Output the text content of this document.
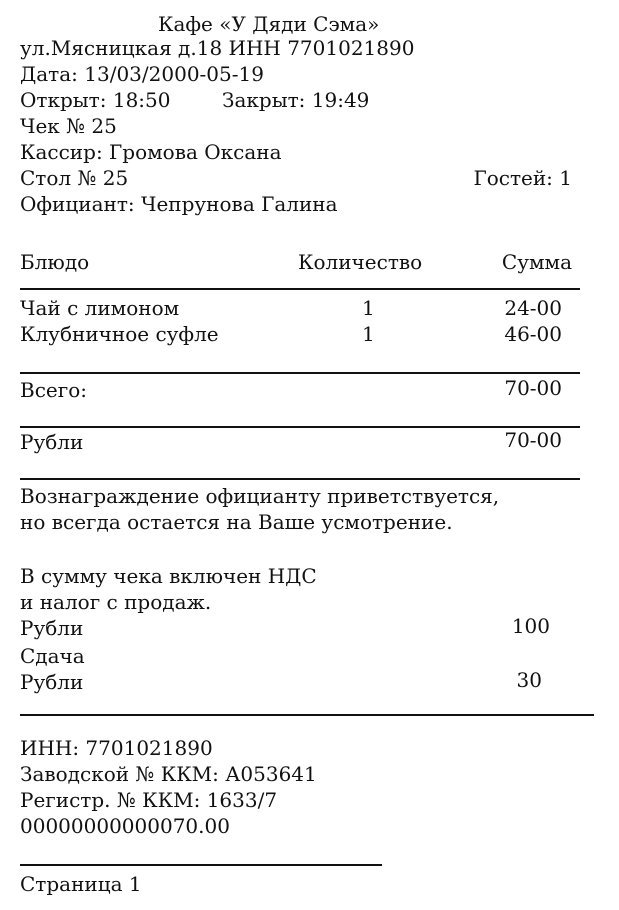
Кафе «У Дяди Сэма»
ул.Мясницкая д.18 ИНН 7701021890
Дата: 13/03/2000-05-19
Открыт: 18:50	Закрыт: 19:49
Чек № 25
Кассир: Громова Оксана
Стол № 25	Гостей: 1
Официант: Чепрунова Галина
Блюдо	Количество	Сумма
Чай с лимоном	1	24-00
Клубничное суфле	1	46-00
Всего:	70-00
Рубли	70-00
Вознаграждение официанту приветствуется,
но всегда остается на Ваше усмотрение.
В сумму чека включен НДС
и налог с продаж.
Рубли	100
Сдача
Рубли	30
ИНН: 7701021890
Заводской № ККМ: А053641
Регистр. № ККМ: 1633/7
00000000000070.00
Страница 1
